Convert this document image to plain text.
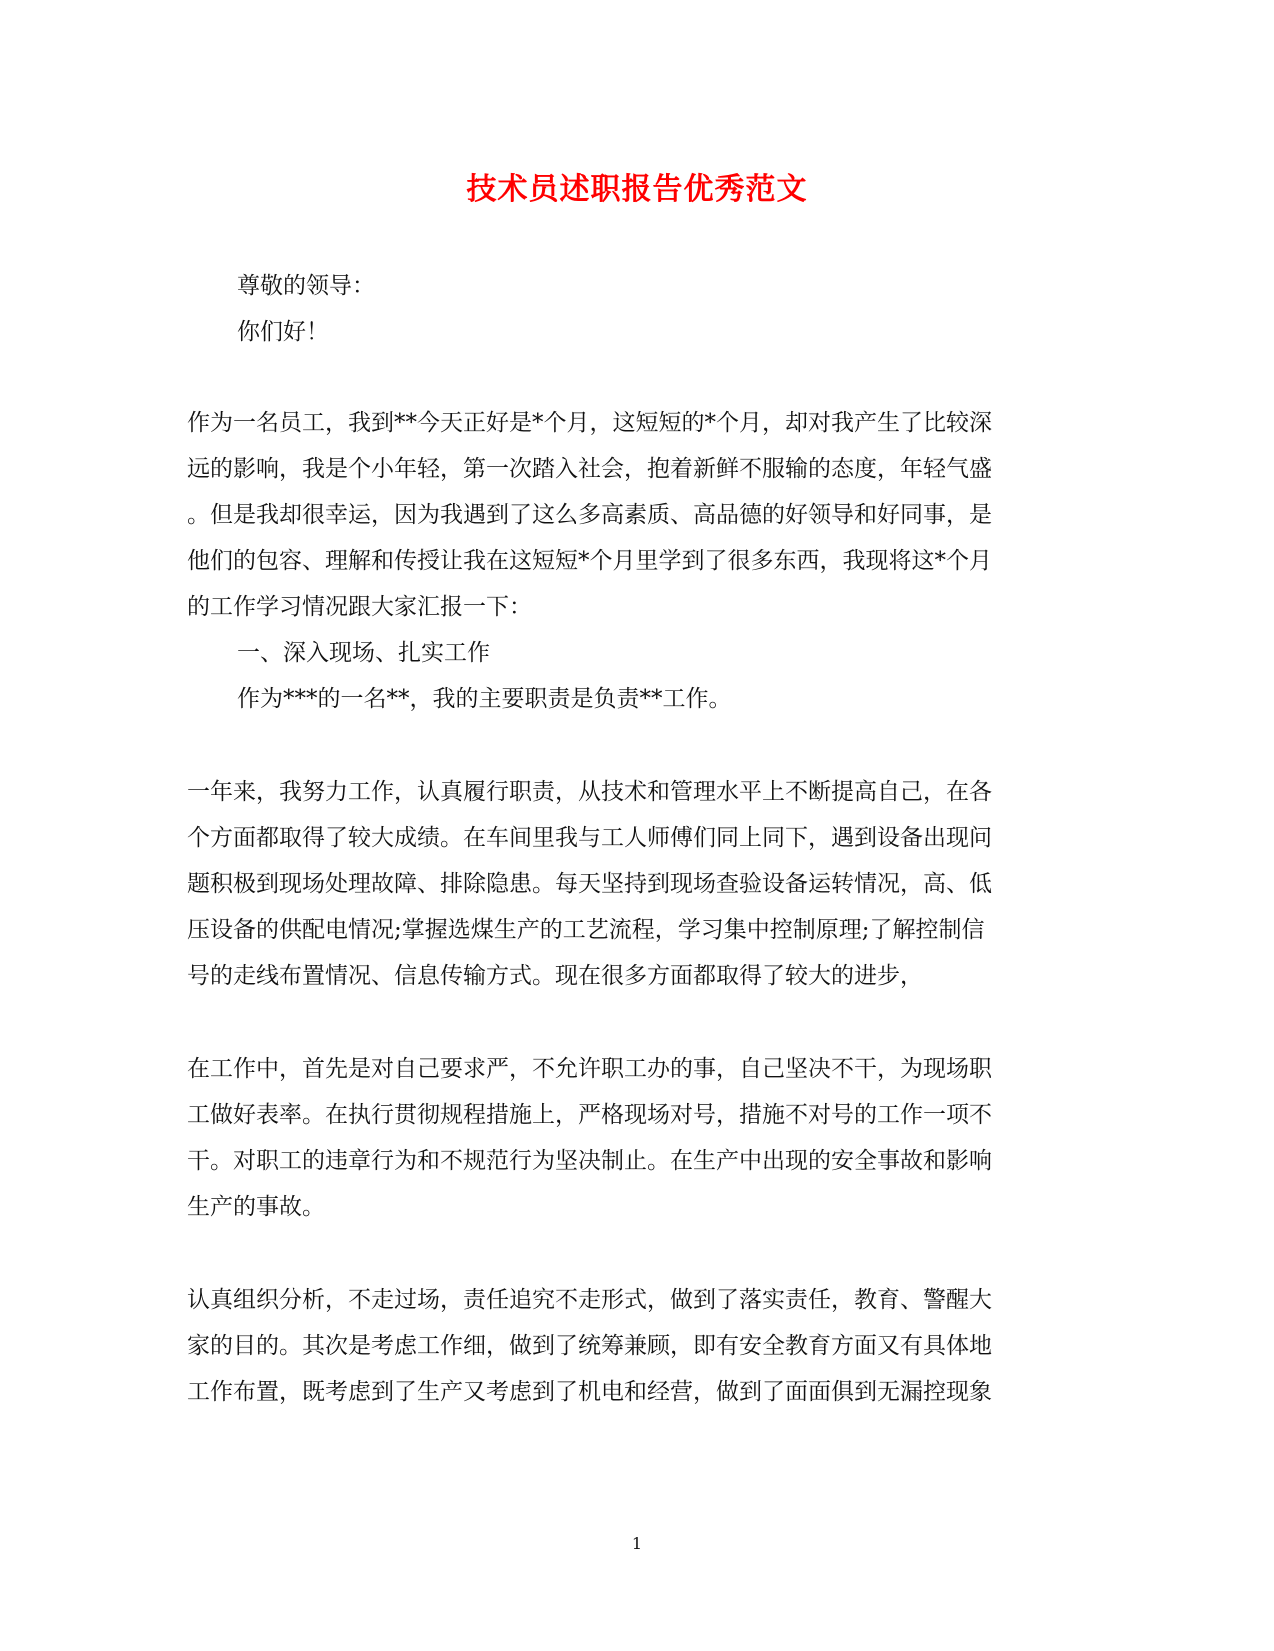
技术员述职报告优秀范文
尊敬的领导：
你们好！
作为一名员工，我到**今天正好是*个月，这短短的*个月，却对我产生了比较深
远的影响，我是个小年轻，第一次踏入社会，抱着新鲜不服输的态度，年轻气盛
。但是我却很幸运，因为我遇到了这么多高素质、高品德的好领导和好同事，是
他们的包容、理解和传授让我在这短短*个月里学到了很多东西，我现将这*个月
的工作学习情况跟大家汇报一下：
一、深入现场、扎实工作
作为***的一名**，我的主要职责是负责**工作。
一年来，我努力工作，认真履行职责，从技术和管理水平上不断提高自己，在各
个方面都取得了较大成绩。在车间里我与工人师傅们同上同下，遇到设备出现问
题积极到现场处理故障、排除隐患。每天坚持到现场查验设备运转情况，高、低
压设备的供配电情况;掌握选煤生产的工艺流程，学习集中控制原理;了解控制信
号的走线布置情况、信息传输方式。现在很多方面都取得了较大的进步，
在工作中，首先是对自己要求严，不允许职工办的事，自己坚决不干，为现场职
工做好表率。在执行贯彻规程措施上，严格现场对号，措施不对号的工作一项不
干。对职工的违章行为和不规范行为坚决制止。在生产中出现的安全事故和影响
生产的事故。
认真组织分析，不走过场，责任追究不走形式，做到了落实责任，教育、警醒大
家的目的。其次是考虑工作细，做到了统筹兼顾，即有安全教育方面又有具体地
工作布置，既考虑到了生产又考虑到了机电和经营，做到了面面俱到无漏控现象
1
